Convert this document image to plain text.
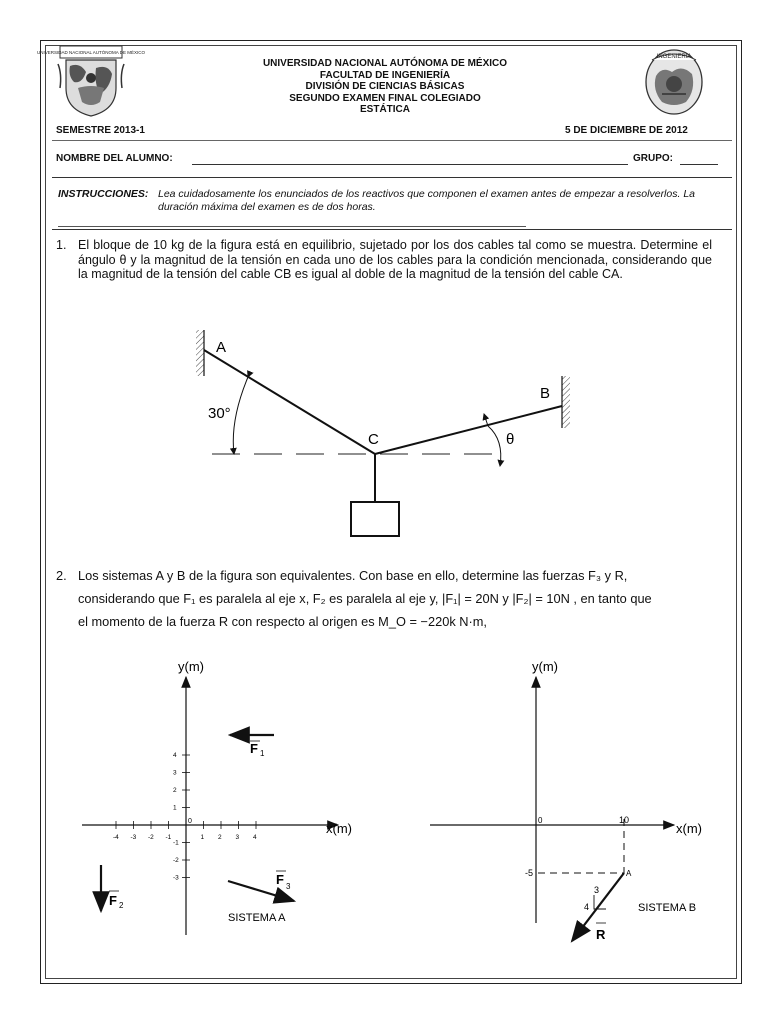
UNIVERSIDAD NACIONAL AUTÓNOMA DE MÉXICO
INGENIERIA
UNIVERSIDAD NACIONAL AUTÓNOMA DE MÉXICO
FACULTAD DE INGENIERÍA
DIVISIÓN DE CIENCIAS BÁSICAS
SEGUNDO EXAMEN FINAL COLEGIADO
ESTÁTICA
SEMESTRE 2013-1	5 DE DICIEMBRE DE 2012
NOMBRE DEL ALUMNO:	GRUPO:
INSTRUCCIONES: Lea cuidadosamente los enunciados de los reactivos que componen el examen antes de empezar a resolverlos. La duración máxima del examen es de dos horas.
1. El bloque de 10 kg de la figura está en equilibrio, sujetado por los dos cables tal como se muestra. Determine el ángulo θ y la magnitud de la tensión en cada uno de los cables para la condición mencionada, considerando que la magnitud de la tensión del cable CB es igual al doble de la magnitud de la tensión del cable CA.
A
B
C
30°
θ
2. Los sistemas A y B de la figura son equivalentes. Con base en ello, determine las fuerzas F₃ y R,
considerando que F₁ es paralela al eje x, F₂ es paralela al eje y, |F₁| = 20N y |F₂| = 10N , en tanto que
el momento de la fuerza R con respecto al origen es M_O = −220k N·m,
y(m)
x(m)
-4 -3 -2 -1	1 2 3 4
4
3
2
1
-1
-2
-3
0
F 1
F 2
F 3
SISTEMA A
y(m)
x(m)
0	10
-5	A
3
4
R
SISTEMA B
